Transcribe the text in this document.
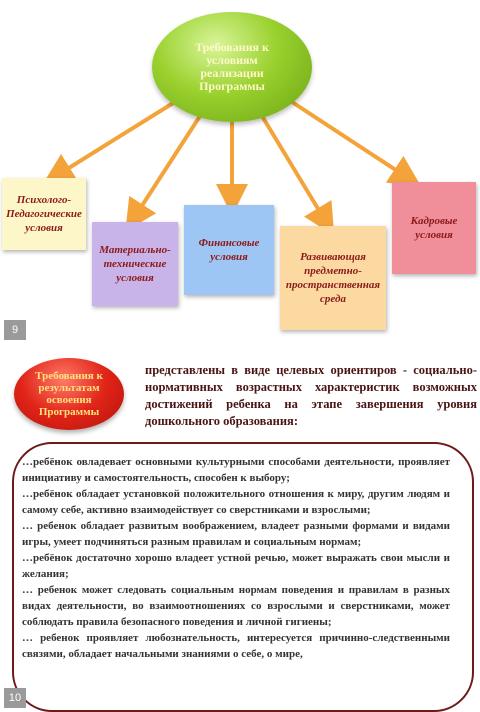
Требования к
условиям
реализации
Программы
Психолого-
Педагогические
условия
Материально-
технические
условия
Финансовые
условия	Развивающая
предметно-
пространственная
среда
Кадровые
условия
9
Требования к
результатам
освоения
Программы
представлены в виде целевых ориентиров - социально-нормативных возрастных характеристик возможных достижений ребенка на этапе завершения уровня дошкольного образования:

…ребёнок овладевает основными культурными способами деятельности, проявляет инициативу и самостоятельность, способен к выбору;

…ребёнок обладает установкой положительного отношения к миру, другим людям и самому себе, активно взаимодействует со сверстниками и взрослыми;

… ребенок обладает развитым воображением, владеет разными формами и видами игры, умеет подчиняться разным правилам и социальным нормам;

…ребёнок достаточно хорошо владеет устной речью, может выражать свои мысли и желания;

… ребенок может следовать социальным нормам поведения и правилам в разных видах деятельности, во взаимоотношениях со взрослыми и сверстниками, может соблюдать правила безопасного поведения и личной гигиены;

… ребенок проявляет любознательность, интересуется причинно-следственными связями, обладает начальными знаниями о себе, о мире,

10
